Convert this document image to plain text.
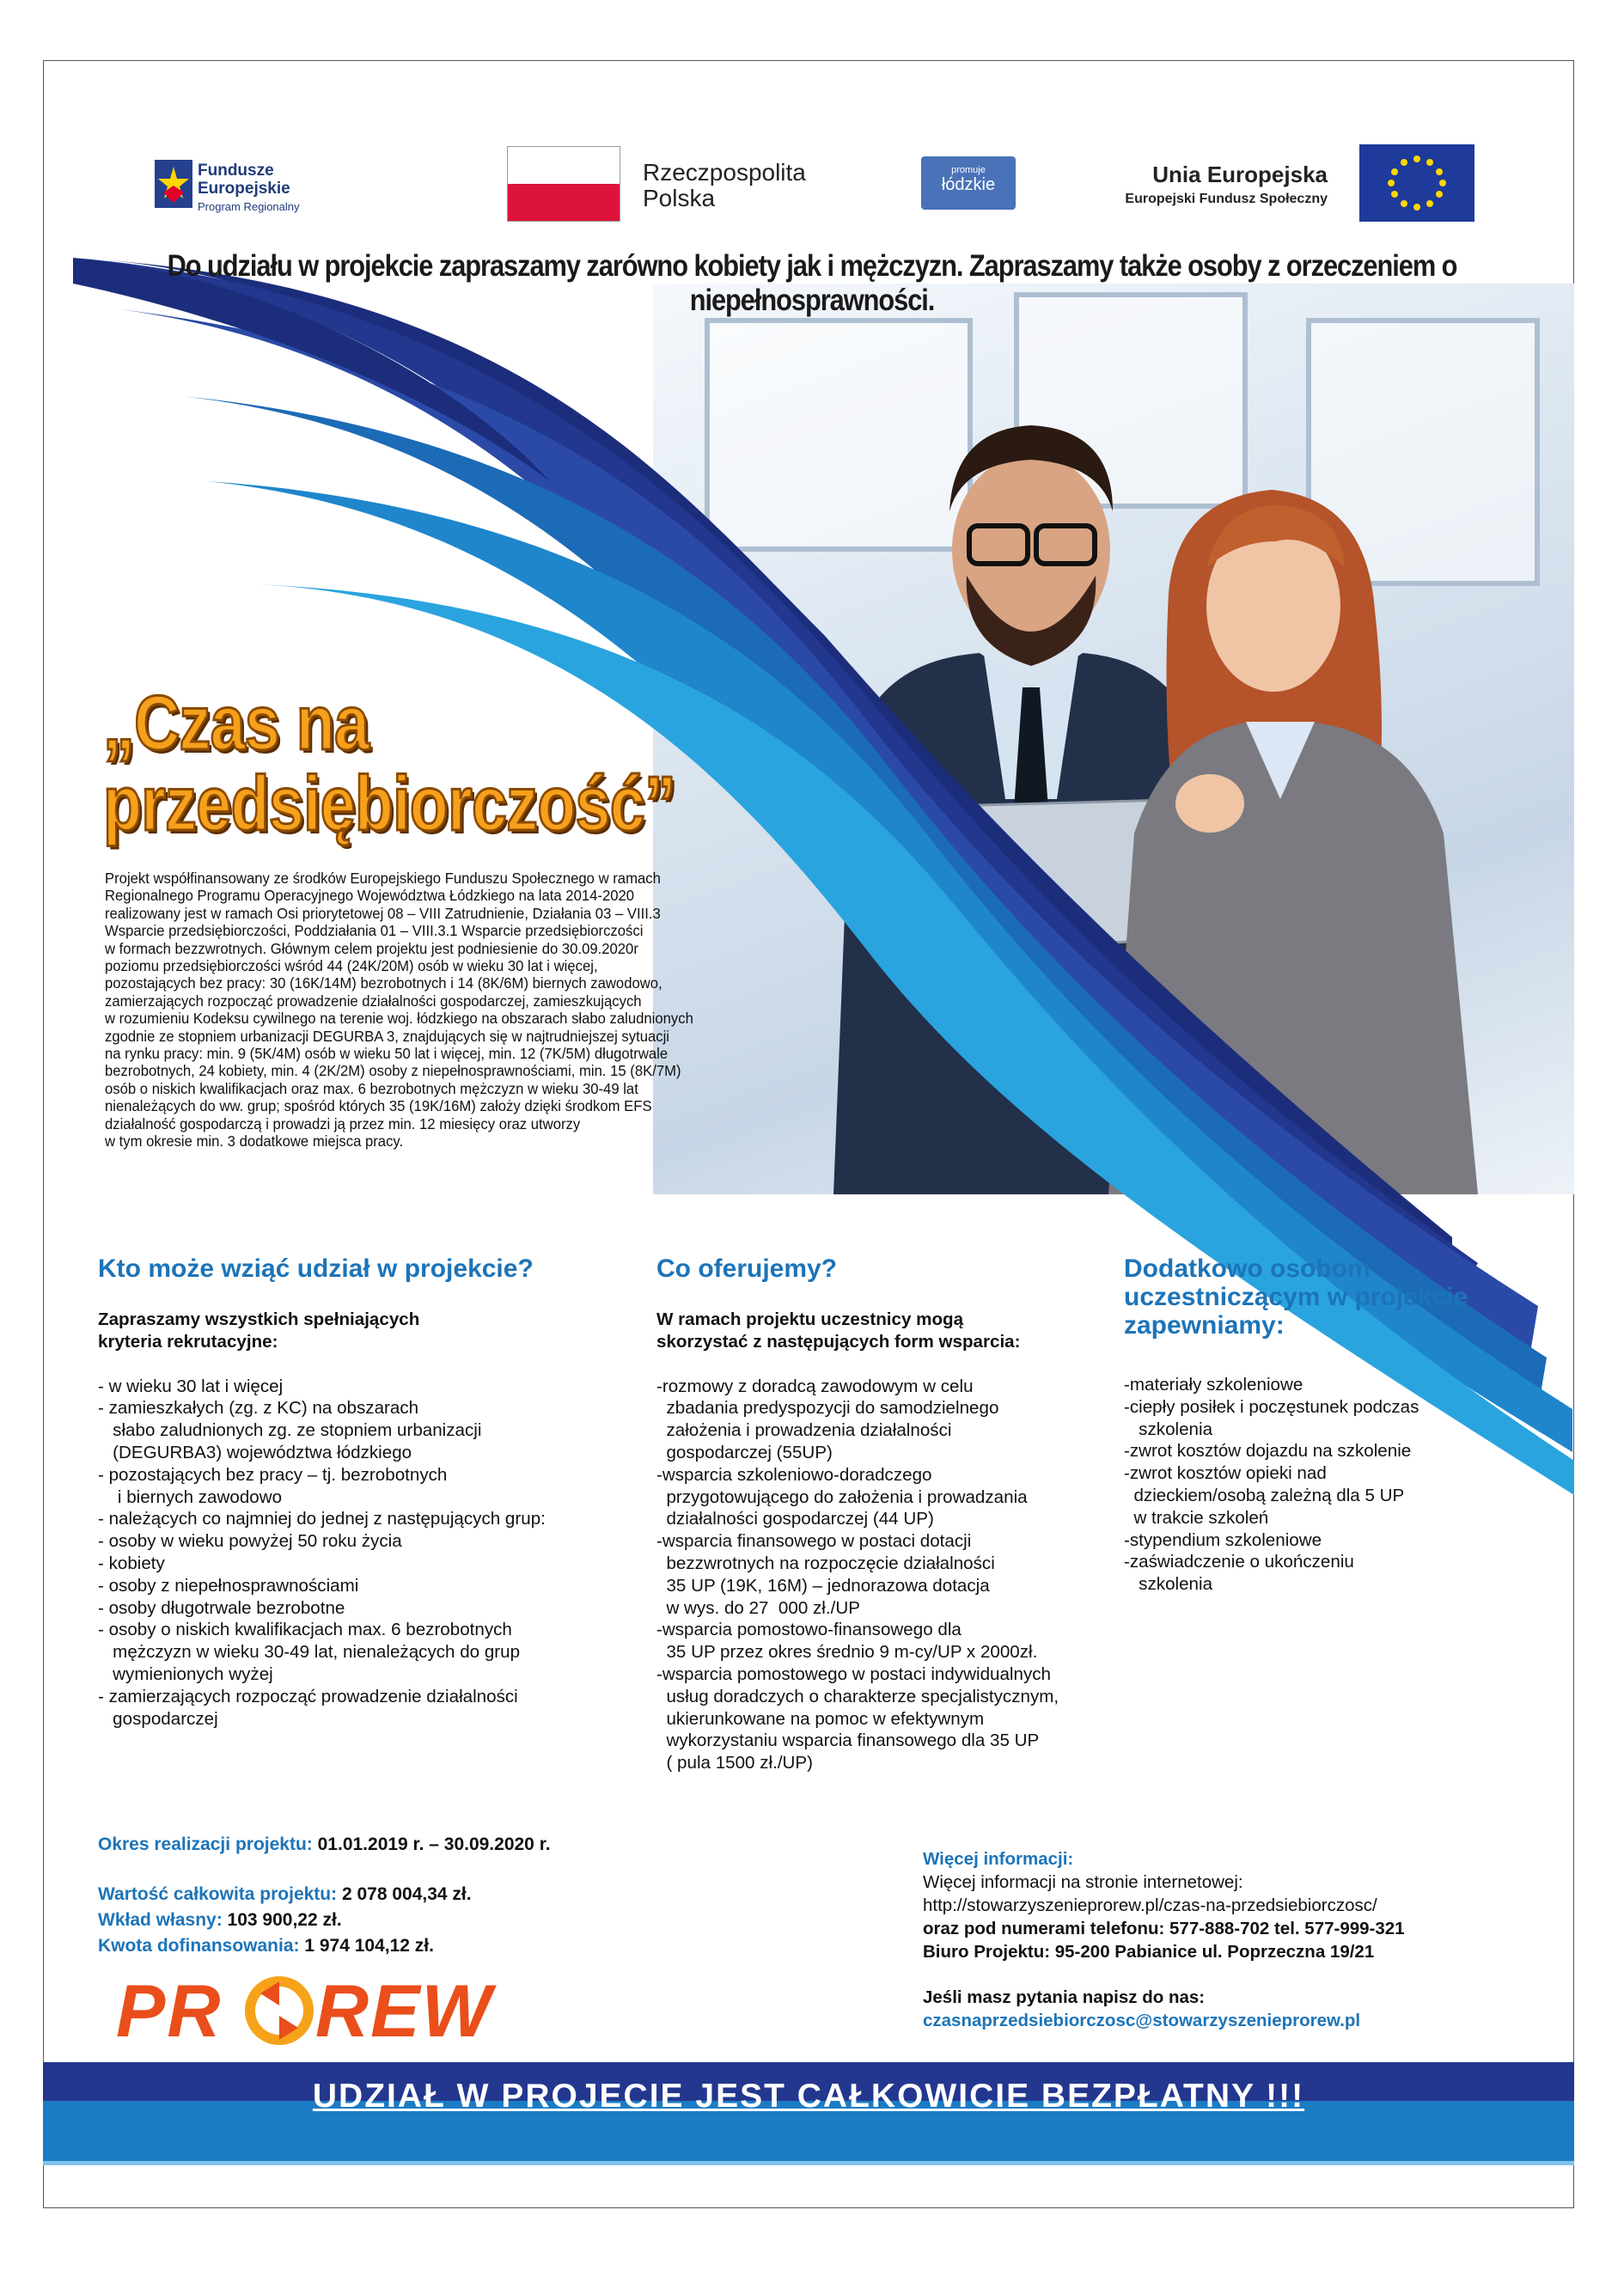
Fundusze
Europejskie
Program Regionalny
Rzeczpospolita
Polska
promuje
łódzkie	Unia Europejska
Europejski Fundusz Społeczny
Do udziału w projekcie zapraszamy zarówno kobiety jak i mężczyzn. Zapraszamy także osoby z orzeczeniem o niepełnosprawności.
„Czas na
przedsiębiorczość”
Projekt współfinansowany ze środków Europejskiego Funduszu Społecznego w ramach
Regionalnego Programu Operacyjnego Województwa Łódzkiego na lata 2014-2020
realizowany jest w ramach Osi priorytetowej 08 – VIII Zatrudnienie, Działania 03 – VIII.3
Wsparcie przedsiębiorczości, Poddziałania 01 – VIII.3.1 Wsparcie przedsiębiorczości
w formach bezzwrotnych. Głównym celem projektu jest podniesienie do 30.09.2020r
poziomu przedsiębiorczości wśród 44 (24K/20M) osób w wieku 30 lat i więcej,
pozostających bez pracy: 30 (16K/14M) bezrobotnych i 14 (8K/6M) biernych zawodowo,
zamierzających rozpocząć prowadzenie działalności gospodarczej, zamieszkujących
w rozumieniu Kodeksu cywilnego na terenie woj. łódzkiego na obszarach słabo zaludnionych
zgodnie ze stopniem urbanizacji DEGURBA 3, znajdujących się w najtrudniejszej sytuacji
na rynku pracy: min. 9 (5K/4M) osób w wieku 50 lat i więcej, min. 12 (7K/5M) długotrwale
bezrobotnych, 24 kobiety, min. 4 (2K/2M) osoby z niepełnosprawnościami, min. 15 (8K/7M)
osób o niskich kwalifikacjach oraz max. 6 bezrobotnych mężczyzn w wieku 30-49 lat
nienależących do ww. grup; spośród których 35 (19K/16M) założy dzięki środkom EFS
działalność gospodarczą i prowadzi ją przez min. 12 miesięcy oraz utworzy
w tym okresie min. 3 dodatkowe miejsca pracy.
Kto może wziąć udział w projekcie?
Zapraszamy wszystkich spełniających
kryteria rekrutacyjne:
- w wieku 30 lat i więcej
- zamieszkałych (zg. z KC) na obszarach
słabo zaludnionych zg. ze stopniem urbanizacji
(DEGURBA3) województwa łódzkiego
- pozostających bez pracy – tj. bezrobotnych
i biernych zawodowo
- należących co najmniej do jednej z następujących grup:
- osoby w wieku powyżej 50 roku życia
- kobiety
- osoby z niepełnosprawnościami
- osoby długotrwale bezrobotne
- osoby o niskich kwalifikacjach max. 6 bezrobotnych
mężczyzn w wieku 30-49 lat, nienależących do grup
wymienionych wyżej
- zamierzających rozpocząć prowadzenie działalności
gospodarczej
Co oferujemy?
W ramach projektu uczestnicy mogą
skorzystać z następujących form wsparcia:
-rozmowy z doradcą zawodowym w celu
zbadania predyspozycji do samodzielnego
założenia i prowadzenia działalności
gospodarczej (55UP)
-wsparcia szkoleniowo-doradczego
przygotowującego do założenia i prowadzania
działalności gospodarczej (44 UP)
-wsparcia finansowego w postaci dotacji
bezzwrotnych na rozpoczęcie działalności
35 UP (19K, 16M) – jednorazowa dotacja
w wys. do 27  000 zł./UP
-wsparcia pomostowo-finansowego dla
35 UP przez okres średnio 9 m-cy/UP x 2000zł.
-wsparcia pomostowego w postaci indywidualnych
usług doradczych o charakterze specjalistycznym,
ukierunkowane na pomoc w efektywnym
wykorzystaniu wsparcia finansowego dla 35 UP
( pula 1500 zł./UP)
Dodatkowo osobom
uczestniczącym w projekcie
zapewniamy:
-materiały szkoleniowe
-ciepły posiłek i poczęstunek podczas
szkolenia
-zwrot kosztów dojazdu na szkolenie
-zwrot kosztów opieki nad
dzieckiem/osobą zależną dla 5 UP
w trakcie szkoleń
-stypendium szkoleniowe
-zaświadczenie o ukończeniu
szkolenia
Okres realizacji projektu: 01.01.2019 r. – 30.09.2020 r.
Wartość całkowita projektu: 2 078 004,34 zł.
Wkład własny: 103 900,22 zł.
Kwota dofinansowania: 1 974 104,12 zł.
PR REW
Więcej informacji:
Więcej informacji na stronie internetowej:
http://stowarzyszenieprorew.pl/czas-na-przedsiebiorczosc/
oraz pod numerami telefonu: 577-888-702 tel. 577-999-321
Biuro Projektu: 95-200 Pabianice ul. Poprzeczna 19/21
Jeśli masz pytania napisz do nas:
czasnaprzedsiebiorczosc@stowarzyszenieprorew.pl
UDZIAŁ W PROJECIE JEST CAŁKOWICIE BEZPŁATNY !!!
